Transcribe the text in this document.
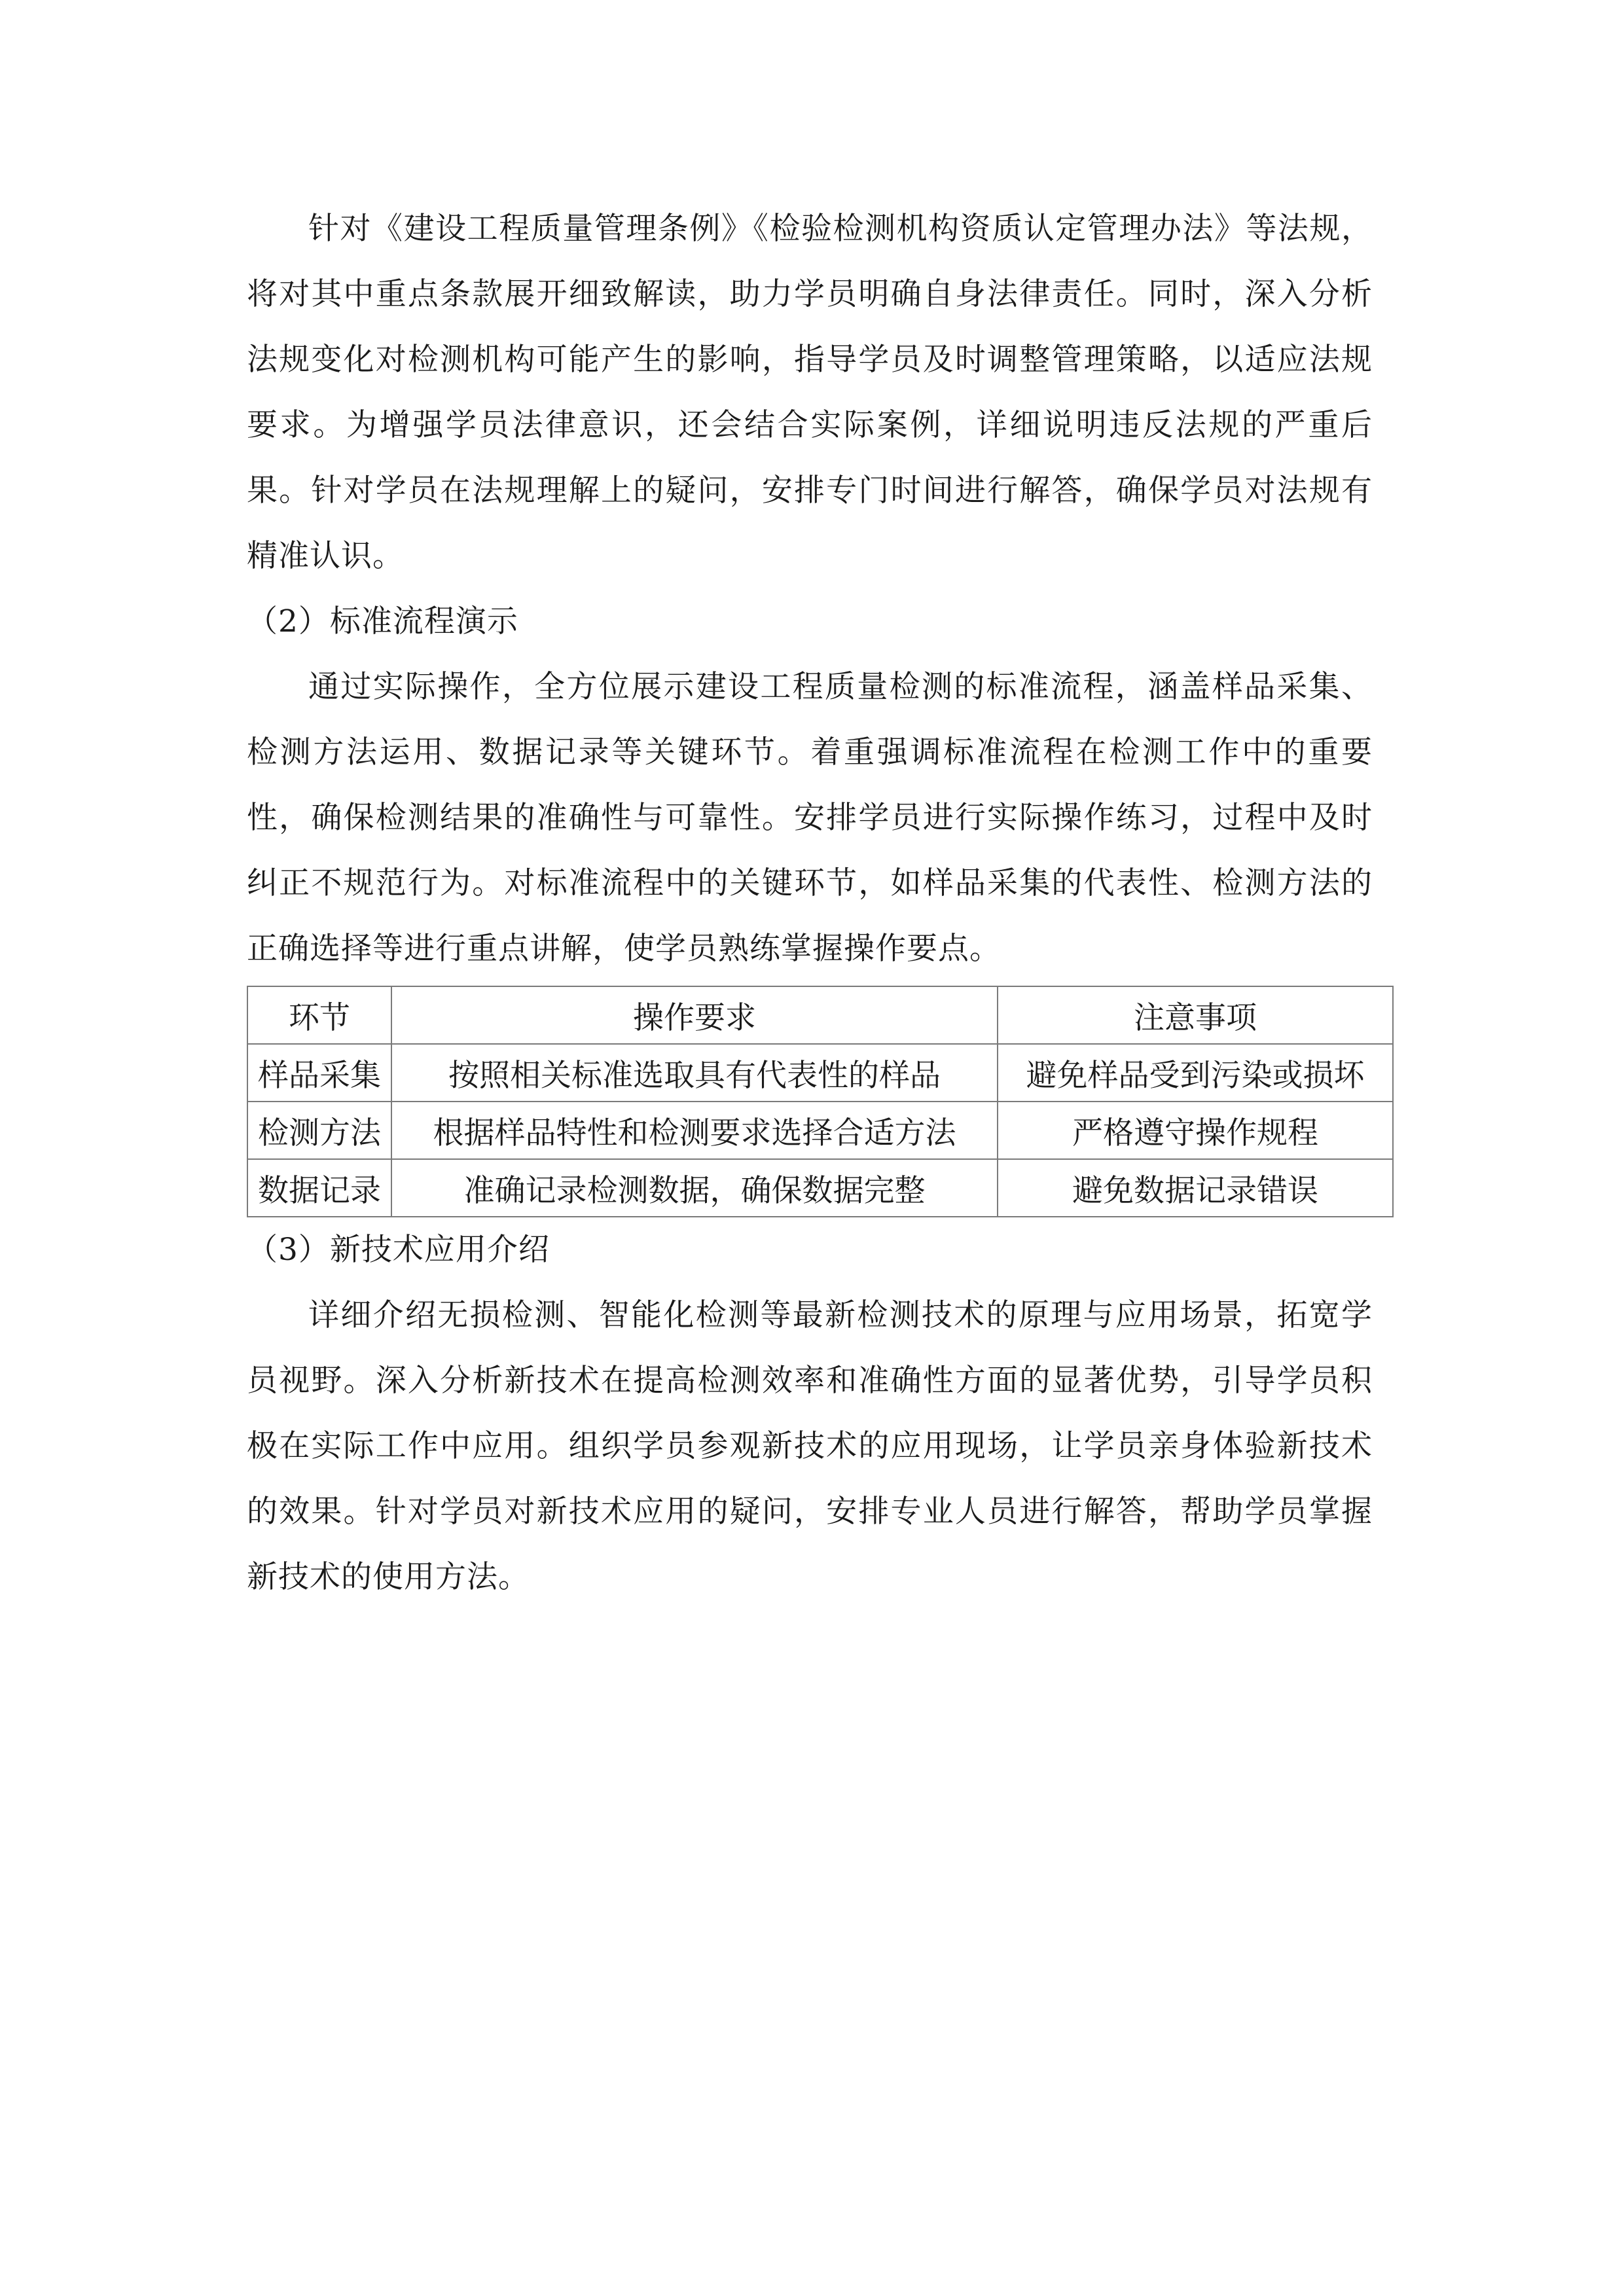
针对《建设工程质量管理条例》《检验检测机构资质认定管理办法》等法规，将对其中重点条款展开细致解读，助力学员明确自身法律责任。同时，深入分析法规变化对检测机构可能产生的影响，指导学员及时调整管理策略，以适应法规要求。为增强学员法律意识，还会结合实际案例，详细说明违反法规的严重后果。针对学员在法规理解上的疑问，安排专门时间进行解答，确保学员对法规有精准认识。

（2）标准流程演示

通过实际操作，全方位展示建设工程质量检测的标准流程，涵盖样品采集、检测方法运用、数据记录等关键环节。着重强调标准流程在检测工作中的重要性，确保检测结果的准确性与可靠性。安排学员进行实际操作练习，过程中及时纠正不规范行为。对标准流程中的关键环节，如样品采集的代表性、检测方法的正确选择等进行重点讲解，使学员熟练掌握操作要点。

环节	操作要求	注意事项
样品采集	按照相关标准选取具有代表性的样品	避免样品受到污染或损坏
检测方法	根据样品特性和检测要求选择合适方法	严格遵守操作规程
数据记录	准确记录检测数据，确保数据完整	避免数据记录错误

（3）新技术应用介绍

详细介绍无损检测、智能化检测等最新检测技术的原理与应用场景，拓宽学员视野。深入分析新技术在提高检测效率和准确性方面的显著优势，引导学员积极在实际工作中应用。组织学员参观新技术的应用现场，让学员亲身体验新技术的效果。针对学员对新技术应用的疑问，安排专业人员进行解答，帮助学员掌握新技术的使用方法。
